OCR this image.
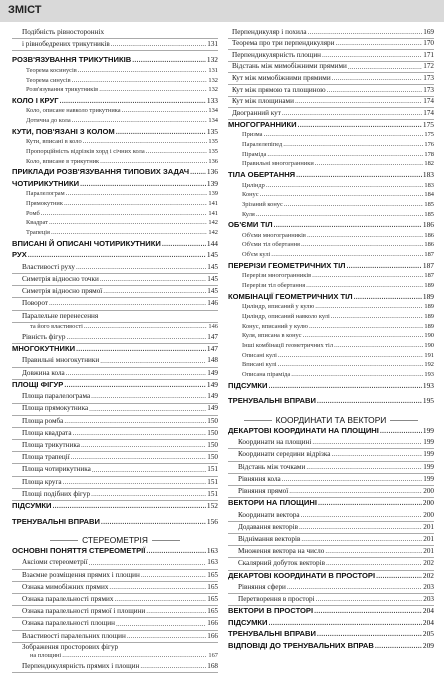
ЗМІСТ
Подібність рівносторонніх
і рівнобедрених трикутників .....	131
РОЗВ'ЯЗУВАННЯ ТРИКУТНИКІВ .....	132
Теорема косинусів .....	131
Теорема синусів .....	132
Розв'язування трикутників .....	132
КОЛО І КРУГ .....	133
Коло, описане навколо трикутника .....	134
Дотична до кола .....	134
КУТИ, ПОВ'ЯЗАНІ З КОЛОМ .....	135
Кути, вписані в коло .....	135
Пропорційність відрізків хорд і січних кола .....	135
Коло, вписане в трикутник .....	136
ПРИКЛАДИ РОЗВ'ЯЗУВАННЯ ТИПОВИХ ЗАДАЧ ..... 136
ЧОТИРИКУТНИКИ .....	139
Паралелограм .....	139
Прямокутник .....	141
Ромб .....	141
Квадрат .....	142
Трапеція .....	142
ВПИСАНІ Й ОПИСАНІ ЧОТИРИКУТНИКИ .....	144
РУХ .....	145
Властивості руху .....	145
Симетрія відносно точки .....	145
Симетрія відносно прямої .....	145
Поворот .....	146
Паралельне перенесення
та його властивості .....	146
Рівність фігур .....	147
МНОГОКУТНИКИ .....	147
Правильні многокутники .....	148
Довжина кола .....	149
ПЛОЩІ ФІГУР .....	149
Площа паралелограма .....	149
Площа прямокутника .....	149
Площа ромба .....	150
Площа квадрата .....	150
Площа трикутника .....	150
Площа трапеції .....	150
Площа чотирикутника .....	151
Площа круга .....	151
Площі подібних фігур .....	151
ПІДСУМКИ .....	152
ТРЕНУВАЛЬНІ ВПРАВИ .....	156
СТЕРЕОМЕТРІЯ
ОСНОВНІ ПОНЯТТЯ СТЕРЕОМЕТРІЇ .....	163
Аксіоми стереометрії .....	163
Взаємне розміщення прямих і площин .....	165
Ознака мимобіжних прямих .....	165
Ознака паралельності прямих .....	165
Ознака паралельності прямої і площини .....	165
Ознака паралельності площин .....	166
Властивості паралельних площин .....	166
Зображення просторових фігур
на площині .....	167
Перпендикулярність прямих і площин .....	168
Перпендикуляр і похила .....	169
Теорема про три перпендикуляри .....	170
Перпендикулярність площин .....	171
Відстань між мимобіжними прямими .....	172
Кут між мимобіжними прямими .....	173
Кут між прямою та площиною .....	173
Кут між площинами .....	174
Двогранний кут .....	174
МНОГОГРАННИКИ .....	175
Призма .....	175
Паралелепіпед .....	176
Піраміда .....	178
Правильні многогранники .....	182
ТІЛА ОБЕРТАННЯ .....	183
Циліндр .....	183
Конус .....	184
Зрізаний конус .....	185
Куля .....	185
ОБ'ЄМИ ТІЛ .....	186
Об'єми многогранників .....	186
Об'єми тіл обертання .....	186
Об'єм кулі .....	187
ПЕРЕРІЗИ ГЕОМЕТРИЧНИХ ТІЛ .....	187
Перерізи многогранників .....	187
Перерізи тіл обертання .....	189
КОМБІНАЦІЇ ГЕОМЕТРИЧНИХ ТІЛ .....	189
Циліндр, вписаний у кулю .....	189
Циліндр, описаний навколо кулі .....	189
Конус, вписаний у кулю .....	189
Куля, вписана в конус .....	190
Інші комбінації геометричних тіл .....	190
Описані кулі .....	191
Вписані кулі .....	192
Описана піраміда .....	193
ПІДСУМКИ .....	193
ТРЕНУВАЛЬНІ ВПРАВИ .....	195
КООРДИНАТИ ТА ВЕКТОРИ
ДЕКАРТОВІ КООРДИНАТИ НА ПЛОЩИНІ .....	199
Координати на площині .....	199
Координати середини відрізка .....	199
Відстань між точками .....	199
Рівняння кола .....	199
Рівняння прямої .....	200
ВЕКТОРИ НА ПЛОЩИНІ .....	200
Координати вектора .....	200
Додавання векторів .....	201
Віднімання векторів .....	201
Множення вектора на число .....	201
Скалярний добуток векторів .....	202
ДЕКАРТОВІ КООРДИНАТИ В ПРОСТОРІ .....	202
Рівняння сфери .....	203
Перетворення в просторі .....	203
ВЕКТОРИ В ПРОСТОРІ .....	204
ПІДСУМКИ .....	204
ТРЕНУВАЛЬНІ ВПРАВИ .....	205
ВІДПОВІДІ ДО ТРЕНУВАЛЬНИХ ВПРАВ .....	209
